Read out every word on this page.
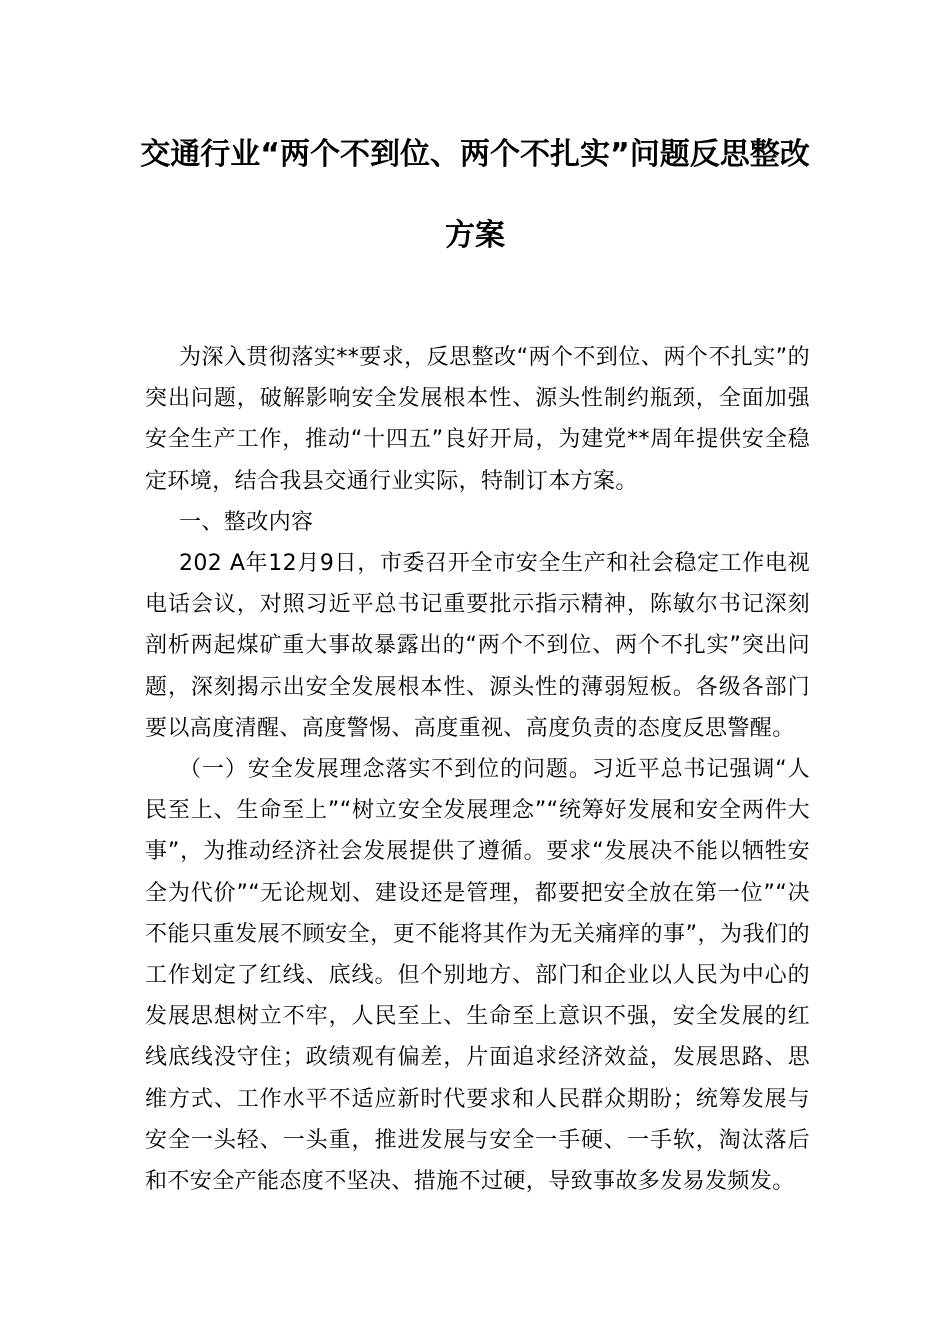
交通行业“两个不到位、两个不扎实”问题反思整改
方案

为深入贯彻落实**要求，反思整改“两个不到位、两个不扎实”的突出问题，破解影响安全发展根本性、源头性制约瓶颈，全面加强安全生产工作，推动“十四五”良好开局，为建党**周年提供安全稳定环境，结合我县交通行业实际，特制订本方案。

一、整改内容

202 A年12月9日，市委召开全市安全生产和社会稳定工作电视电话会议，对照习近平总书记重要批示指示精神，陈敏尔书记深刻剖析两起煤矿重大事故暴露出的“两个不到位、两个不扎实”突出问题，深刻揭示出安全发展根本性、源头性的薄弱短板。各级各部门要以高度清醒、高度警惕、高度重视、高度负责的态度反思警醒。

（一）安全发展理念落实不到位的问题。习近平总书记强调“人民至上、生命至上”“树立安全发展理念”“统筹好发展和安全两件大事”，为推动经济社会发展提供了遵循。要求“发展决不能以牺牲安全为代价”“无论规划、建设还是管理，都要把安全放在第一位”“决不能只重发展不顾安全，更不能将其作为无关痛痒的事”，为我们的工作划定了红线、底线。但个别地方、部门和企业以人民为中心的发展思想树立不牢，人民至上、生命至上意识不强，安全发展的红线底线没守住；政绩观有偏差，片面追求经济效益，发展思路、思维方式、工作水平不适应新时代要求和人民群众期盼；统筹发展与安全一头轻、一头重，推进发展与安全一手硬、一手软，淘汰落后和不安全产能态度不坚决、措施不过硬，导致事故多发易发频发。
